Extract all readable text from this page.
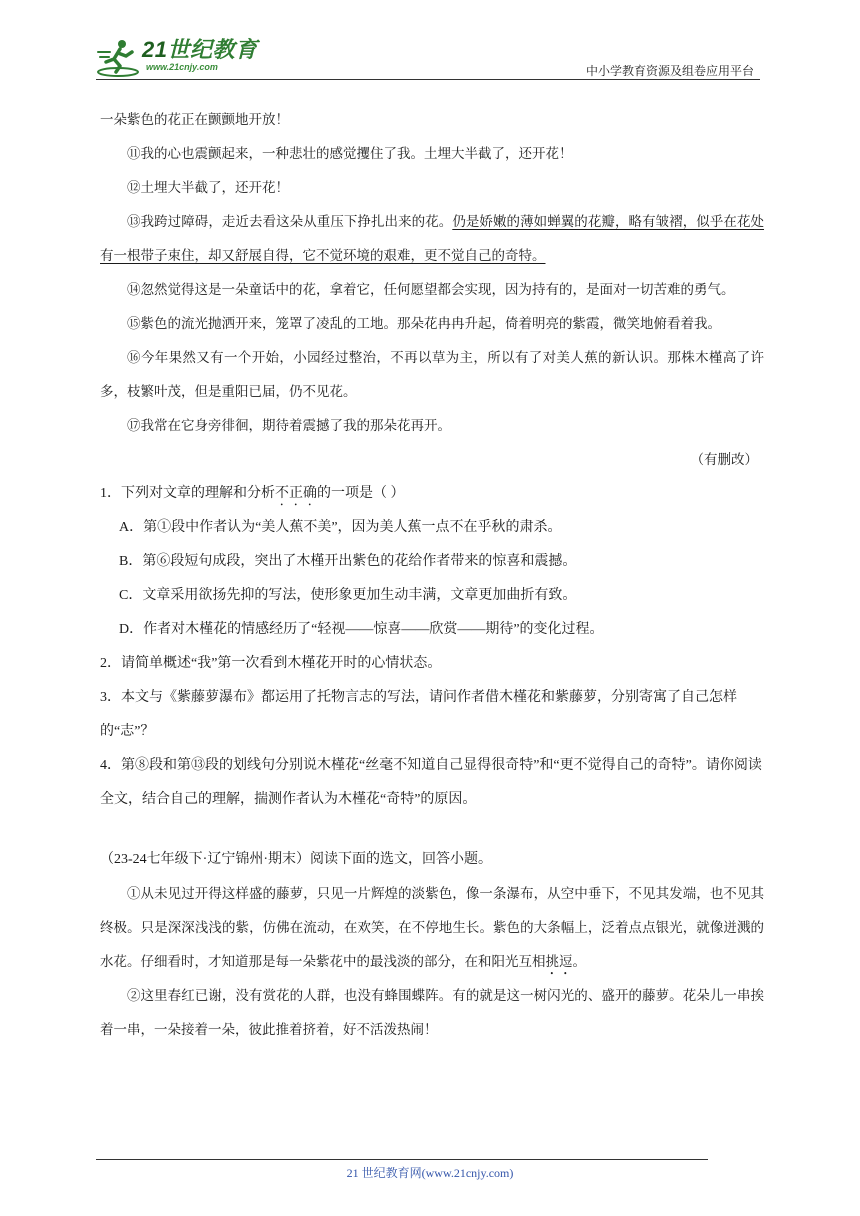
21世纪教育
www.21cnjy.com	中小学教育资源及组卷应用平台
一朵紫色的花正在颤颤地开放！
⑪我的心也震颤起来，一种悲壮的感觉攫住了我。土埋大半截了，还开花！
⑫土埋大半截了，还开花！
⑬我跨过障碍，走近去看这朵从重压下挣扎出来的花。仍是娇嫩的薄如蝉翼的花瓣，略有皱褶，似乎在花处有一根带子束住，却又舒展自得，它不觉环境的艰难，更不觉自己的奇特。
⑭忽然觉得这是一朵童话中的花，拿着它，任何愿望都会实现，因为持有的，是面对一切苦难的勇气。
⑮紫色的流光抛洒开来，笼罩了凌乱的工地。那朵花冉冉升起，倚着明亮的紫霞，微笑地俯看着我。
⑯今年果然又有一个开始，小园经过整治，不再以草为主，所以有了对美人蕉的新认识。那株木槿高了许多，枝繁叶茂，但是重阳已届，仍不见花。
⑰我常在它身旁徘徊，期待着震撼了我的那朵花再开。
（有删改）
1．下列对文章的理解和分析不正确的一项是（ ）
A．第①段中作者认为“美人蕉不美”，因为美人蕉一点不在乎秋的肃杀。
B．第⑥段短句成段，突出了木槿开出紫色的花给作者带来的惊喜和震撼。
C．文章采用欲扬先抑的写法，使形象更加生动丰满，文章更加曲折有致。
D．作者对木槿花的情感经历了“轻视——惊喜——欣赏——期待”的变化过程。
2．请简单概述“我”第一次看到木槿花开时的心情状态。
3．本文与《紫藤萝瀑布》都运用了托物言志的写法，请问作者借木槿花和紫藤萝，分别寄寓了自己怎样的“志”？
4．第⑧段和第⑬段的划线句分别说木槿花“丝毫不知道自己显得很奇特”和“更不觉得自己的奇特”。请你阅读全文，结合自己的理解，揣测作者认为木槿花“奇特”的原因。
（23-24七年级下·辽宁锦州·期末）阅读下面的选文，回答小题。
①从未见过开得这样盛的藤萝，只见一片辉煌的淡紫色，像一条瀑布，从空中垂下，不见其发端，也不见其终极。只是深深浅浅的紫，仿佛在流动，在欢笑，在不停地生长。紫色的大条幅上，泛着点点银光，就像迸溅的水花。仔细看时，才知道那是每一朵紫花中的最浅淡的部分，在和阳光互相挑逗。
②这里春红已谢，没有赏花的人群，也没有蜂围蝶阵。有的就是这一树闪光的、盛开的藤萝。花朵儿一串挨着一串，一朵接着一朵，彼此推着挤着，好不活泼热闹！
21 世纪教育网(www.21cnjy.com)
